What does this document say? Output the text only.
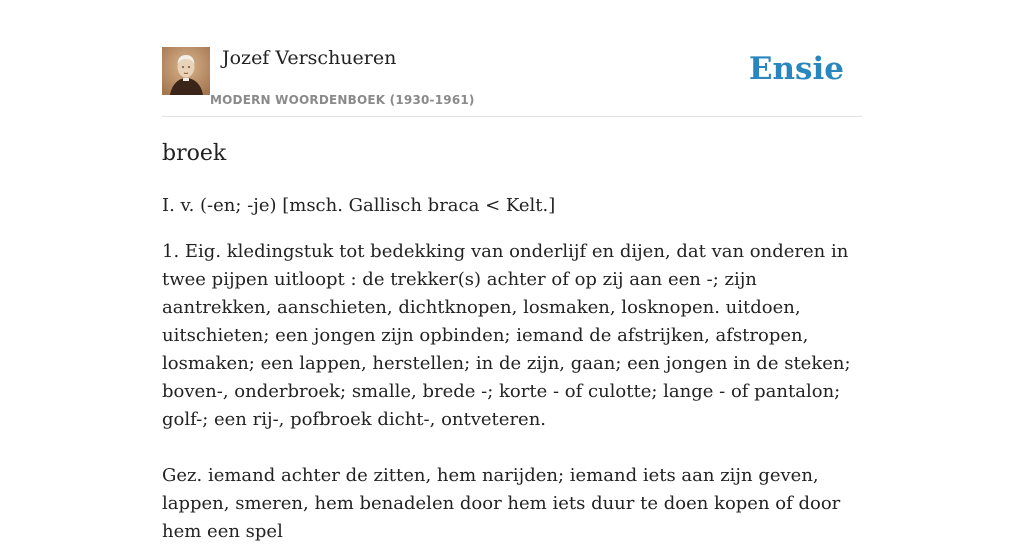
Jozef Verschueren
MODERN WOORDENBOEK (1930-1961)
Ensie
broek

I. v. (-en; -je) [msch. Gallisch braca < Kelt.]

1. Eig. kledingstuk tot bedekking van onderlijf en dijen, dat van onderen in twee pijpen uitloopt : de trekker(s) achter of op zij aan een -; zijn aantrekken, aanschieten, dichtknopen, losmaken, losknopen. uitdoen, uitschieten; een jongen zijn opbinden; iemand de afstrijken, afstropen, losmaken; een lappen, herstellen; in de zijn, gaan; een jongen in de steken; boven-, onderbroek; smalle, brede -; korte - of culotte; lange - of pantalon; golf-; een rij-, pofbroek dicht-, ontveteren.

Gez. iemand achter de zitten, hem narijden; iemand iets aan zijn geven, lappen, smeren, hem benadelen door hem iets duur te doen kopen of door hem een spel
